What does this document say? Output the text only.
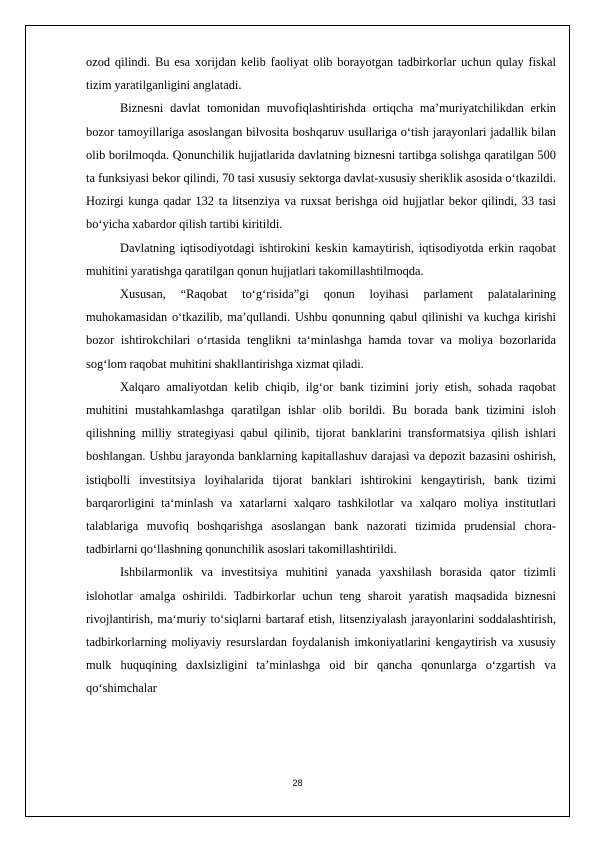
ozod qilindi. Bu esa xorijdan kelib faoliyat olib borayotgan tadbirkorlar uchun qulay fiskal tizim yaratilganligini anglatadi.

Biznesni davlat tomonidan muvofiqlashtirishda ortiqcha ma’muriyatchilikdan erkin bozor tamoyillariga asoslangan bilvosita boshqaruv usullariga o‘tish jarayonlari jadallik bilan olib borilmoqda. Qonunchilik hujjatlarida davlatning biznesni tartibga solishga qaratilgan 500 ta funksiyasi bekor qilindi, 70 tasi xususiy sektorga davlat-xususiy sheriklik asosida o‘tkazildi. Hozirgi kunga qadar 132 ta litsenziya va ruxsat berishga oid hujjatlar bekor qilindi, 33 tasi bo‘yicha xabardor qilish tartibi kiritildi.

Davlatning iqtisodiyotdagi ishtirokini keskin kamaytirish, iqtisodiyotda erkin raqobat muhitini yaratishga qaratilgan qonun hujjatlari takomillashtilmoqda.

Xususan, “Raqobat to‘g‘risida”gi qonun loyihasi parlament palatalarining muhokamasidan o‘tkazilib, ma’qullandi. Ushbu qonunning qabul qilinishi va kuchga kirishi bozor ishtirokchilari o‘rtasida tenglikni ta‘minlashga hamda tovar va moliya bozorlarida sog‘lom raqobat muhitini shakllantirishga xizmat qiladi.

Xalqaro amaliyotdan kelib chiqib, ilg‘or bank tizimini joriy etish, sohada raqobat muhitini mustahkamlashga qaratilgan ishlar olib borildi. Bu borada bank tizimini isloh qilishning milliy strategiyasi qabul qilinib, tijorat banklarini transformatsiya qilish ishlari boshlangan. Ushbu jarayonda banklarning kapitallashuv darajasi va depozit bazasini oshirish, istiqbolli investitsiya loyihalarida tijorat banklari ishtirokini kengaytirish, bank tizimi barqarorligini ta‘minlash va xatarlarni xalqaro tashkilotlar va xalqaro moliya institutlari talablariga muvofiq boshqarishga asoslangan bank nazorati tizimida prudensial chora-tadbirlarni qo‘llashning qonunchilik asoslari takomillashtirildi.

Ishbilarmonlik va investitsiya muhitini yanada yaxshilash borasida qator tizimli islohotlar amalga oshirildi. Tadbirkorlar uchun teng sharoit yaratish maqsadida biznesni rivojlantirish, ma‘muriy to‘siqlarni bartaraf etish, litsenziyalash jarayonlarini soddalashtirish, tadbirkorlarning moliyaviy resurslardan foydalanish imkoniyatlarini kengaytirish va xususiy mulk huquqining daxlsizligini ta’minlashga oid bir qancha qonunlarga o‘zgartish va qo‘shimchalar

28
